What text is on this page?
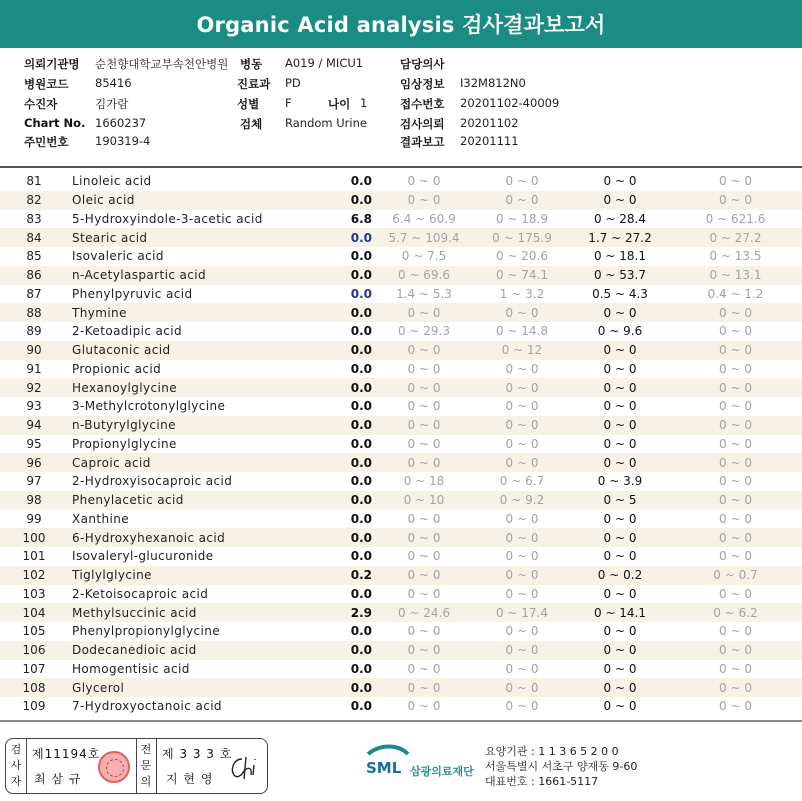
Organic Acid analysis 검사결과보고서
의뢰기관명 순천향대학교부속천안병원 병동 A019 / MICU1	담당의사
병원코드 85416	진료과 PD	임상정보 I32M812N0
수진자	김가람	성별 F	나이 1	접수번호 20201102-40009
Chart No. 1660237	검체 Random Urine	검사의뢰 20201102
주민번호 190319-4	결과보고 20201111
81	Linoleic acid	0.0	0 ~ 0	0 ~ 0	0 ~ 0	0 ~ 0
82	Oleic acid	0.0	0 ~ 0	0 ~ 0	0 ~ 0	0 ~ 0
83	5-Hydroxyindole-3-acetic acid	6.8	6.4 ~ 60.9	0 ~ 18.9	0 ~ 28.4	0 ~ 621.6
84	Stearic acid	0.0	5.7 ~ 109.4	0 ~ 175.9	1.7 ~ 27.2	0 ~ 27.2
85	Isovaleric acid	0.0	0 ~ 7.5	0 ~ 20.6	0 ~ 18.1	0 ~ 13.5
86	n-Acetylaspartic acid	0.0	0 ~ 69.6	0 ~ 74.1	0 ~ 53.7	0 ~ 13.1
87	Phenylpyruvic acid	0.0	1.4 ~ 5.3	1 ~ 3.2	0.5 ~ 4.3	0.4 ~ 1.2
88	Thymine	0.0	0 ~ 0	0 ~ 0	0 ~ 0	0 ~ 0
89	2-Ketoadipic acid	0.0	0 ~ 29.3	0 ~ 14.8	0 ~ 9.6	0 ~ 0
90	Glutaconic acid	0.0	0 ~ 0	0 ~ 12	0 ~ 0	0 ~ 0
91	Propionic acid	0.0	0 ~ 0	0 ~ 0	0 ~ 0	0 ~ 0
92	Hexanoylglycine	0.0	0 ~ 0	0 ~ 0	0 ~ 0	0 ~ 0
93	3-Methylcrotonylglycine	0.0	0 ~ 0	0 ~ 0	0 ~ 0	0 ~ 0
94	n-Butyrylglycine	0.0	0 ~ 0	0 ~ 0	0 ~ 0	0 ~ 0
95	Propionylglycine	0.0	0 ~ 0	0 ~ 0	0 ~ 0	0 ~ 0
96	Caproic acid	0.0	0 ~ 0	0 ~ 0	0 ~ 0	0 ~ 0
97	2-Hydroxyisocaproic acid	0.0	0 ~ 18	0 ~ 6.7	0 ~ 3.9	0 ~ 0
98	Phenylacetic acid	0.0	0 ~ 10	0 ~ 9.2	0 ~ 5	0 ~ 0
99	Xanthine	0.0	0 ~ 0	0 ~ 0	0 ~ 0	0 ~ 0
100	6-Hydroxyhexanoic acid	0.0	0 ~ 0	0 ~ 0	0 ~ 0	0 ~ 0
101	Isovaleryl-glucuronide	0.0	0 ~ 0	0 ~ 0	0 ~ 0	0 ~ 0
102	Tiglylglycine	0.2	0 ~ 0	0 ~ 0	0 ~ 0.2	0 ~ 0.7
103	2-Ketoisocaproic acid	0.0	0 ~ 0	0 ~ 0	0 ~ 0	0 ~ 0
104	Methylsuccinic acid	2.9	0 ~ 24.6	0 ~ 17.4	0 ~ 14.1	0 ~ 6.2
105	Phenylpropionylglycine	0.0	0 ~ 0	0 ~ 0	0 ~ 0	0 ~ 0
106	Dodecanedioic acid	0.0	0 ~ 0	0 ~ 0	0 ~ 0	0 ~ 0
107	Homogentisic acid	0.0	0 ~ 0	0 ~ 0	0 ~ 0	0 ~ 0
108	Glycerol	0.0	0 ~ 0	0 ~ 0	0 ~ 0	0 ~ 0
109	7-Hydroxyoctanoic acid	0.0	0 ~ 0	0 ~ 0	0 ~ 0	0 ~ 0
검사자
제11194호
최 삼 규
전문의
제 3 3 3 호
지 현 영
SML 삼광의료재단
요양기관 : 1 1 3 6 5 2 0 0
서울특별시 서초구 양재동 9-60
대표번호 : 1661-5117
